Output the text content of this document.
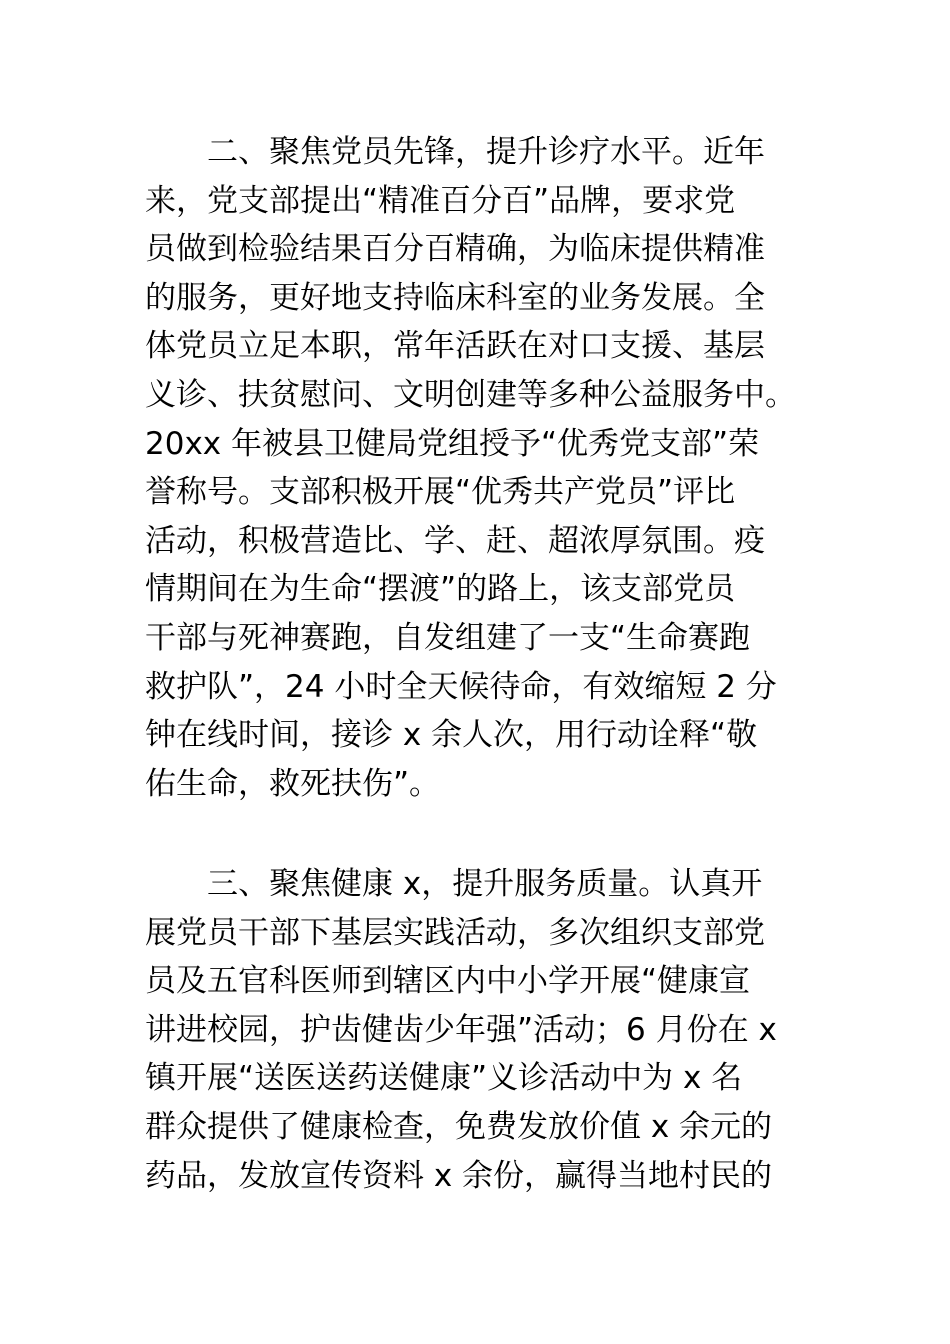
二、聚焦党员先锋，提升诊疗水平。近年
来，党支部提出“精准百分百”品牌，要求党
员做到检验结果百分百精确，为临床提供精准
的服务，更好地支持临床科室的业务发展。全
体党员立足本职，常年活跃在对口支援、基层
义诊、扶贫慰问、文明创建等多种公益服务中。
20xx 年被县卫健局党组授予“优秀党支部”荣
誉称号。支部积极开展“优秀共产党员”评比
活动，积极营造比、学、赶、超浓厚氛围。疫
情期间在为生命“摆渡”的路上，该支部党员
干部与死神赛跑，自发组建了一支“生命赛跑
救护队”，24 小时全天候待命，有效缩短 2 分
钟在线时间，接诊 x 余人次，用行动诠释“敬
佑生命，救死扶伤”。

三、聚焦健康 x，提升服务质量。认真开
展党员干部下基层实践活动，多次组织支部党
员及五官科医师到辖区内中小学开展“健康宣
讲进校园，护齿健齿少年强”活动；6 月份在 x
镇开展“送医送药送健康”义诊活动中为 x 名
群众提供了健康检查，免费发放价值 x 余元的
药品，发放宣传资料 x 余份，赢得当地村民的
